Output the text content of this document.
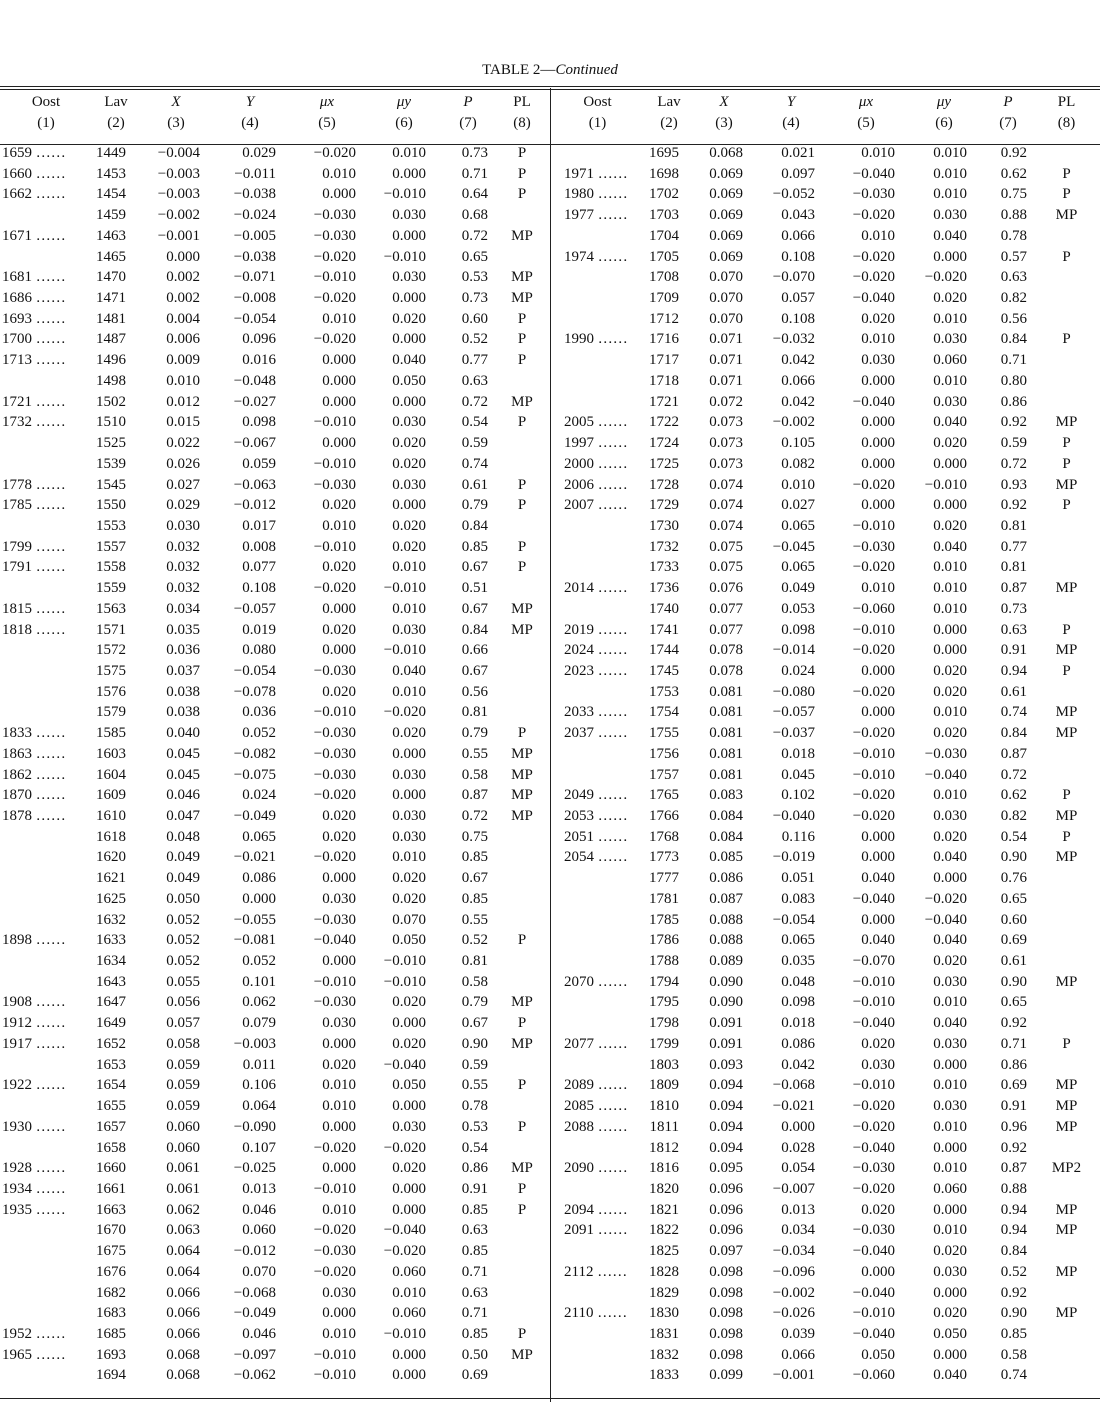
TABLE 2—Continued
Oost	Lav	X	Y	μx	μy	P	PL	Oost	Lav	X	Y	μx	μy	P	PL
(1)	(2)	(3)	(4)	(5)	(6)	(7)	(8)	(1)	(2)	(3)	(4)	(5)	(6)	(7)	(8)
1659 ……	1449	−0.004	0.029	−0.020	0.010	0.73	P		1695	0.068	0.021	0.010	0.010	0.92	
1660 ……	1453	−0.003	−0.011	0.010	0.000	0.71	P	1971 ……	1698	0.069	0.097	−0.040	0.010	0.62	P
1662 ……	1454	−0.003	−0.038	0.000	−0.010	0.64	P	1980 ……	1702	0.069	−0.052	−0.030	0.010	0.75	P
	1459	−0.002	−0.024	−0.030	0.030	0.68		1977 ……	1703	0.069	0.043	−0.020	0.030	0.88	MP
1671 ……	1463	−0.001	−0.005	−0.030	0.000	0.72	MP		1704	0.069	0.066	0.010	0.040	0.78	
	1465	0.000	−0.038	−0.020	−0.010	0.65		1974 ……	1705	0.069	0.108	−0.020	0.000	0.57	P
1681 ……	1470	0.002	−0.071	−0.010	0.030	0.53	MP		1708	0.070	−0.070	−0.020	−0.020	0.63	
1686 ……	1471	0.002	−0.008	−0.020	0.000	0.73	MP		1709	0.070	0.057	−0.040	0.020	0.82	
1693 ……	1481	0.004	−0.054	0.010	0.020	0.60	P		1712	0.070	0.108	0.020	0.010	0.56	
1700 ……	1487	0.006	0.096	−0.020	0.000	0.52	P	1990 ……	1716	0.071	−0.032	0.010	0.030	0.84	P
1713 ……	1496	0.009	0.016	0.000	0.040	0.77	P		1717	0.071	0.042	0.030	0.060	0.71	
	1498	0.010	−0.048	0.000	0.050	0.63			1718	0.071	0.066	0.000	0.010	0.80	
1721 ……	1502	0.012	−0.027	0.000	0.000	0.72	MP		1721	0.072	0.042	−0.040	0.030	0.86	
1732 ……	1510	0.015	0.098	−0.010	0.030	0.54	P	2005 ……	1722	0.073	−0.002	0.000	0.040	0.92	MP
	1525	0.022	−0.067	0.000	0.020	0.59		1997 ……	1724	0.073	0.105	0.000	0.020	0.59	P
	1539	0.026	0.059	−0.010	0.020	0.74		2000 ……	1725	0.073	0.082	0.000	0.000	0.72	P
1778 ……	1545	0.027	−0.063	−0.030	0.030	0.61	P	2006 ……	1728	0.074	0.010	−0.020	−0.010	0.93	MP
1785 ……	1550	0.029	−0.012	0.020	0.000	0.79	P	2007 ……	1729	0.074	0.027	0.000	0.000	0.92	P
	1553	0.030	0.017	0.010	0.020	0.84			1730	0.074	0.065	−0.010	0.020	0.81	
1799 ……	1557	0.032	0.008	−0.010	0.020	0.85	P		1732	0.075	−0.045	−0.030	0.040	0.77	
1791 ……	1558	0.032	0.077	0.020	0.010	0.67	P		1733	0.075	0.065	−0.020	0.010	0.81	
	1559	0.032	0.108	−0.020	−0.010	0.51		2014 ……	1736	0.076	0.049	0.010	0.010	0.87	MP
1815 ……	1563	0.034	−0.057	0.000	0.010	0.67	MP		1740	0.077	0.053	−0.060	0.010	0.73	
1818 ……	1571	0.035	0.019	0.020	0.030	0.84	MP	2019 ……	1741	0.077	0.098	−0.010	0.000	0.63	P
	1572	0.036	0.080	0.000	−0.010	0.66		2024 ……	1744	0.078	−0.014	−0.020	0.000	0.91	MP
	1575	0.037	−0.054	−0.030	0.040	0.67		2023 ……	1745	0.078	0.024	0.000	0.020	0.94	P
	1576	0.038	−0.078	0.020	0.010	0.56			1753	0.081	−0.080	−0.020	0.020	0.61	
	1579	0.038	0.036	−0.010	−0.020	0.81		2033 ……	1754	0.081	−0.057	0.000	0.010	0.74	MP
1833 ……	1585	0.040	0.052	−0.030	0.020	0.79	P	2037 ……	1755	0.081	−0.037	−0.020	0.020	0.84	MP
1863 ……	1603	0.045	−0.082	−0.030	0.000	0.55	MP		1756	0.081	0.018	−0.010	−0.030	0.87	
1862 ……	1604	0.045	−0.075	−0.030	0.030	0.58	MP		1757	0.081	0.045	−0.010	−0.040	0.72	
1870 ……	1609	0.046	0.024	−0.020	0.000	0.87	MP	2049 ……	1765	0.083	0.102	−0.020	0.010	0.62	P
1878 ……	1610	0.047	−0.049	0.020	0.030	0.72	MP	2053 ……	1766	0.084	−0.040	−0.020	0.030	0.82	MP
	1618	0.048	0.065	0.020	0.030	0.75		2051 ……	1768	0.084	0.116	0.000	0.020	0.54	P
	1620	0.049	−0.021	−0.020	0.010	0.85		2054 ……	1773	0.085	−0.019	0.000	0.040	0.90	MP
	1621	0.049	0.086	0.000	0.020	0.67			1777	0.086	0.051	0.040	0.000	0.76	
	1625	0.050	0.000	0.030	0.020	0.85			1781	0.087	0.083	−0.040	−0.020	0.65	
	1632	0.052	−0.055	−0.030	0.070	0.55			1785	0.088	−0.054	0.000	−0.040	0.60	
1898 ……	1633	0.052	−0.081	−0.040	0.050	0.52	P		1786	0.088	0.065	0.040	0.040	0.69	
	1634	0.052	0.052	0.000	−0.010	0.81			1788	0.089	0.035	−0.070	0.020	0.61	
	1643	0.055	0.101	−0.010	−0.010	0.58		2070 ……	1794	0.090	0.048	−0.010	0.030	0.90	MP
1908 ……	1647	0.056	0.062	−0.030	0.020	0.79	MP		1795	0.090	0.098	−0.010	0.010	0.65	
1912 ……	1649	0.057	0.079	0.030	0.000	0.67	P		1798	0.091	0.018	−0.040	0.040	0.92	
1917 ……	1652	0.058	−0.003	0.000	0.020	0.90	MP	2077 ……	1799	0.091	0.086	0.020	0.030	0.71	P
	1653	0.059	0.011	0.020	−0.040	0.59			1803	0.093	0.042	0.030	0.000	0.86	
1922 ……	1654	0.059	0.106	0.010	0.050	0.55	P	2089 ……	1809	0.094	−0.068	−0.010	0.010	0.69	MP
	1655	0.059	0.064	0.010	0.000	0.78		2085 ……	1810	0.094	−0.021	−0.020	0.030	0.91	MP
1930 ……	1657	0.060	−0.090	0.000	0.030	0.53	P	2088 ……	1811	0.094	0.000	−0.020	0.010	0.96	MP
	1658	0.060	0.107	−0.020	−0.020	0.54			1812	0.094	0.028	−0.040	0.000	0.92	
1928 ……	1660	0.061	−0.025	0.000	0.020	0.86	MP	2090 ……	1816	0.095	0.054	−0.030	0.010	0.87	MP2
1934 ……	1661	0.061	0.013	−0.010	0.000	0.91	P		1820	0.096	−0.007	−0.020	0.060	0.88	
1935 ……	1663	0.062	0.046	0.010	0.000	0.85	P	2094 ……	1821	0.096	0.013	0.020	0.000	0.94	MP
	1670	0.063	0.060	−0.020	−0.040	0.63		2091 ……	1822	0.096	0.034	−0.030	0.010	0.94	MP
	1675	0.064	−0.012	−0.030	−0.020	0.85			1825	0.097	−0.034	−0.040	0.020	0.84	
	1676	0.064	0.070	−0.020	0.060	0.71		2112 ……	1828	0.098	−0.096	0.000	0.030	0.52	MP
	1682	0.066	−0.068	0.030	0.010	0.63			1829	0.098	−0.002	−0.040	0.000	0.92	
	1683	0.066	−0.049	0.000	0.060	0.71		2110 ……	1830	0.098	−0.026	−0.010	0.020	0.90	MP
1952 ……	1685	0.066	0.046	0.010	−0.010	0.85	P		1831	0.098	0.039	−0.040	0.050	0.85	
1965 ……	1693	0.068	−0.097	−0.010	0.000	0.50	MP		1832	0.098	0.066	0.050	0.000	0.58	
	1694	0.068	−0.062	−0.010	0.000	0.69			1833	0.099	−0.001	−0.060	0.040	0.74	
